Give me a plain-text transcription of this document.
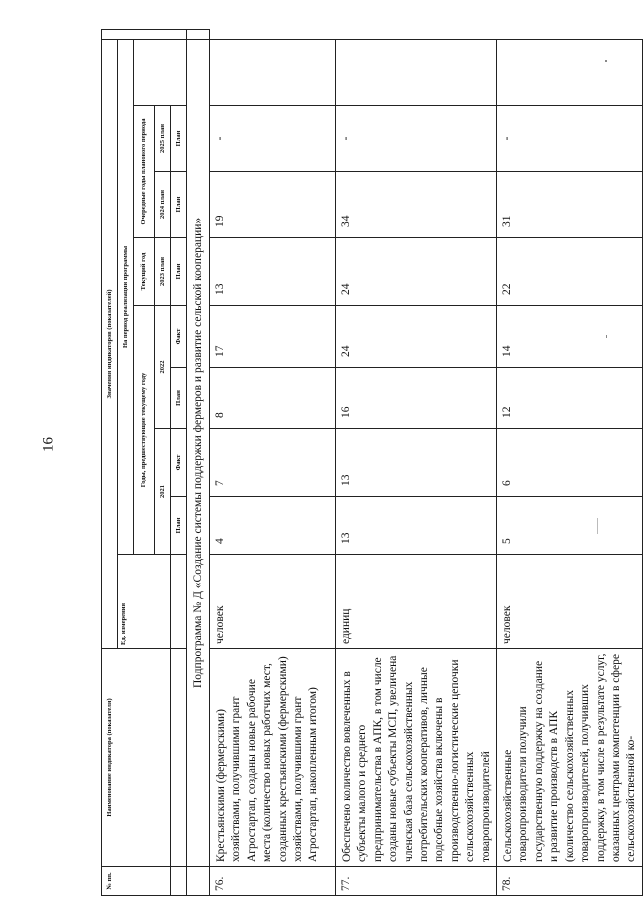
16
№ пп.	Наименование индикатора (показателя)	Значения индикаторов (показателей)									
		Ед. измерения	На период реализации программы								
			Годы, предшествующие текущему году				Текущий год	Очередные годы планового периода			
							2023 план	2024 план	2025 план		
			2021		2022						
			План	Факт	План	Факт	План	План	План		
	Подпрограмма № Д «Создание системы поддержки фермеров и развитие сельской кооперации»										
76.	Крестьянскими (фермерскими) хозяйствами, получившими грант Агростартап, созданы новые рабочие места (количество новых работчих мест, созданных крестьянскими (фермерскими) хозяйствами, получившими грант Агростартап, накопленным итогом)	человек	4	7	8	17	13	19	-		
77.	Обеспечено количество вовлеченных в субъекты малого и среднего предпринимательства в АПК, в том числе созданы новые субъекты МСП, увеличена членская база сельскохозяйственных потребительских кооперативов, личные подсобные хозяйства включены в производственно-логистические цепочки сельскохозяйственных товаропроизводителей	единиц	13	13	16	24	24	34	-		
78.	Сельскохозяйственные товаропроизводители получили государственную поддержку на создание и развитие производств в АПК (количество сельскохозяйственных товаропроизводителей, получивших поддержку, в том числе в результате услуг, оказанных центрами компетенции в сфере сельскохозяйственной ко-	человек	5	6	12	14	22	31	-		
